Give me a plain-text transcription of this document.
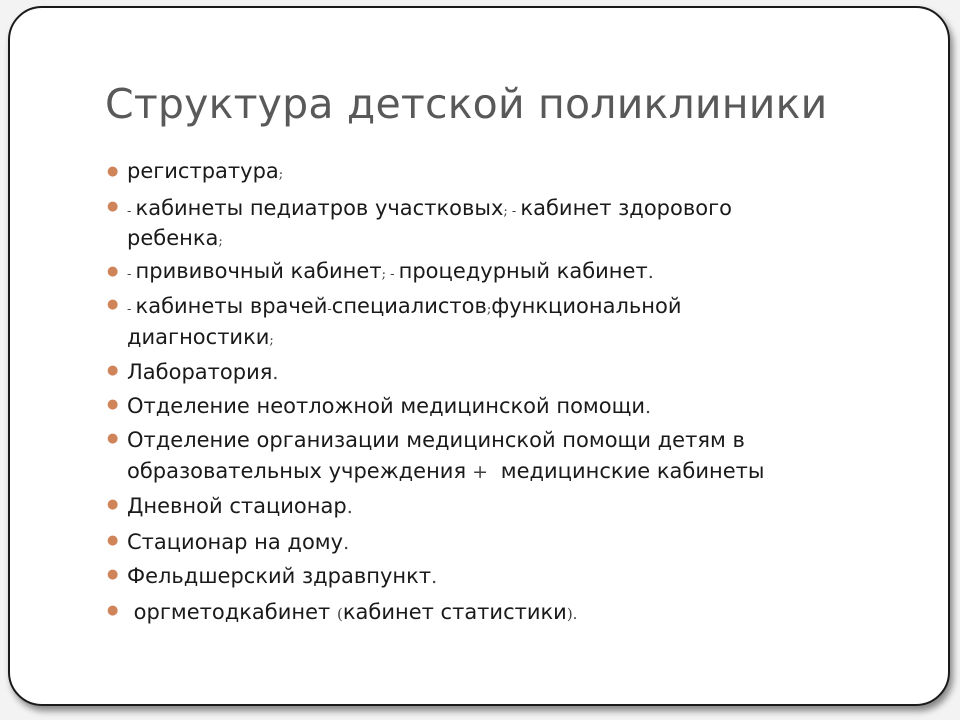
Структура детской поликлиники
● регистратура;
● - кабинеты педиатров участковых; - кабинет здорового
ребенка;
● - прививочный кабинет; - процедурный кабинет.
● - кабинеты врачей-специалистов;функциональной
диагностики;
● Лаборатория.
● Отделение неотложной медицинской помощи.
● Отделение организации медицинской помощи детям в
образовательных учреждения +  медицинские кабинеты
● Дневной стационар.
● Стационар на дому.
● Фельдшерский здравпункт.
● оргметодкабинет (кабинет статистики).
